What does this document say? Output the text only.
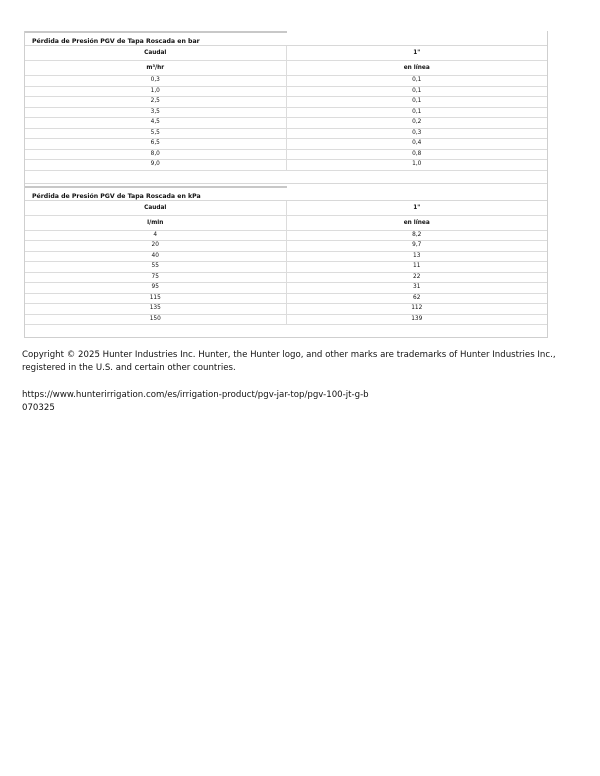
Pérdida de Presión PGV de Tapa Roscada en bar
Caudal	1"
m³/hr	en línea
0,3	0,1
1,0	0,1
2,5	0,1
3,5	0,1
4,5	0,2
5,5	0,3
6,5	0,4
8,0	0,8
9,0	1,0
Pérdida de Presión PGV de Tapa Roscada en kPa
Caudal	1"
l/min	en línea
4	8,2
20	9,7
40	13
55	11
75	22
95	31
115	62
135	112
150	139

Copyright © 2025 Hunter Industries Inc. Hunter, the Hunter logo, and other marks are trademarks of Hunter Industries Inc., registered in the U.S. and certain other countries.

https://www.hunterirrigation.com/es/irrigation-product/pgv-jar-top/pgv-100-jt-g-b

070325
